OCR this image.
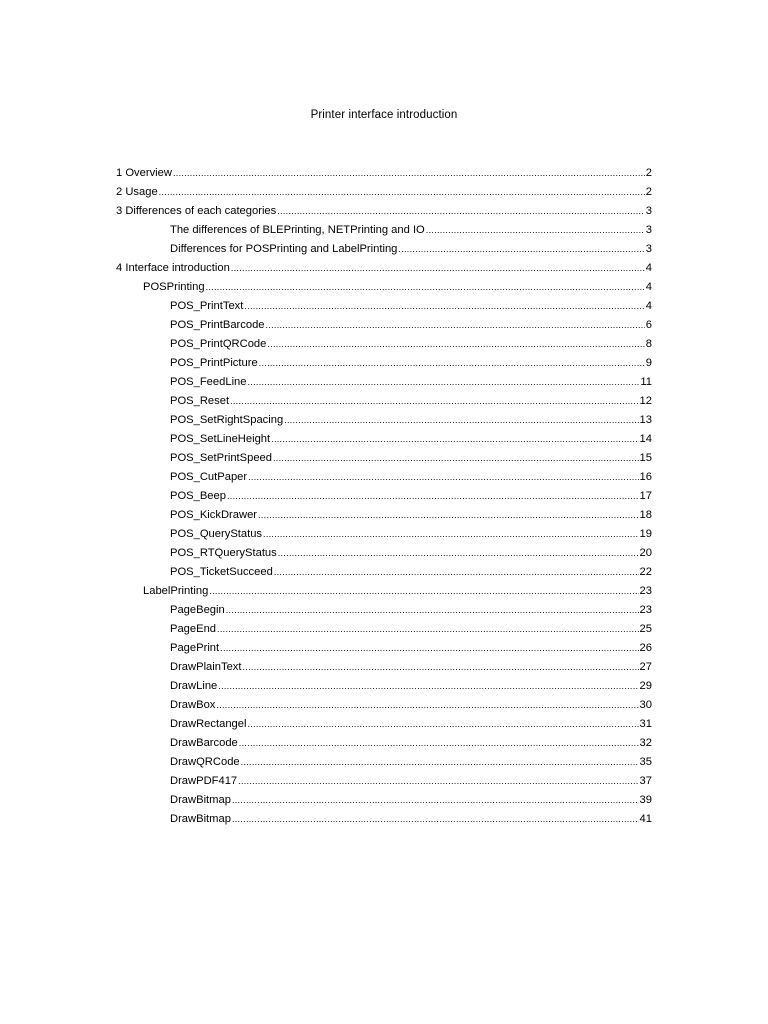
Printer interface introduction
1 Overview .....	2
2 Usage .....	2
3 Differences of each categories .....	3
The differences of BLEPrinting, NETPrinting and IO .....	3
Differences for POSPrinting and LabelPrinting .....	3
4 Interface introduction .....	4
POSPrinting .....	4
POS_PrintText .....	4
POS_PrintBarcode .....	6
POS_PrintQRCode .....	8
POS_PrintPicture .....	9
POS_FeedLine .....	11
POS_Reset .....	12
POS_SetRightSpacing .....	13
POS_SetLineHeight .....	14
POS_SetPrintSpeed .....	15
POS_CutPaper .....	16
POS_Beep .....	17
POS_KickDrawer .....	18
POS_QueryStatus .....	19
POS_RTQueryStatus .....	20
POS_TicketSucceed .....	22
LabelPrinting .....	23
PageBegin .....	23
PageEnd .....	25
PagePrint .....	26
DrawPlainText .....	27
DrawLine .....	29
DrawBox .....	30
DrawRectangel .....	31
DrawBarcode .....	32
DrawQRCode .....	35
DrawPDF417 .....	37
DrawBitmap .....	39
DrawBitmap .....	41
